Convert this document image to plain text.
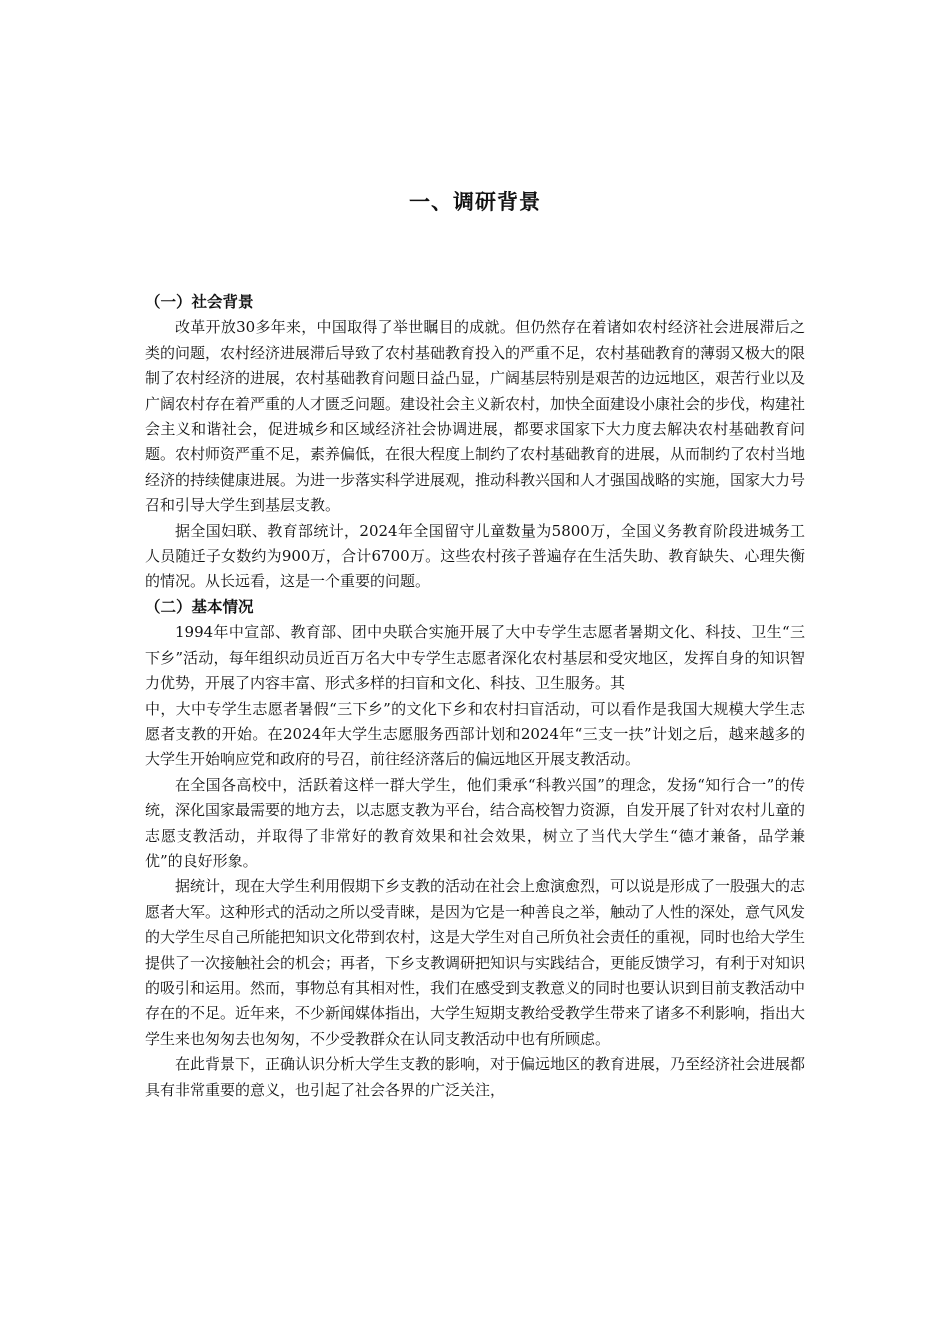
一、调研背景

（一）社会背景

改革开放30多年来，中国取得了举世瞩目的成就。但仍然存在着诸如农村经济社会进展滞后之类的问题，农村经济进展滞后导致了农村基础教育投入的严重不足，农村基础教育的薄弱又极大的限制了农村经济的进展，农村基础教育问题日益凸显，广阔基层特别是艰苦的边远地区，艰苦行业以及广阔农村存在着严重的人才匮乏问题。建设社会主义新农村，加快全面建设小康社会的步伐，构建社会主义和谐社会，促进城乡和区域经济社会协调进展，都要求国家下大力度去解决农村基础教育问题。农村师资严重不足，素养偏低，在很大程度上制约了农村基础教育的进展，从而制约了农村当地经济的持续健康进展。为进一步落实科学进展观，推动科教兴国和人才强国战略的实施，国家大力号召和引导大学生到基层支教。

据全国妇联、教育部统计，2024年全国留守儿童数量为5800万，全国义务教育阶段进城务工人员随迁子女数约为900万，合计6700万。这些农村孩子普遍存在生活失助、教育缺失、心理失衡的情况。从长远看，这是一个重要的问题。

（二）基本情况

1994年中宣部、教育部、团中央联合实施开展了大中专学生志愿者暑期文化、科技、卫生“三下乡”活动，每年组织动员近百万名大中专学生志愿者深化农村基层和受灾地区，发挥自身的知识智力优势，开展了内容丰富、形式多样的扫盲和文化、科技、卫生服务。其

中，大中专学生志愿者暑假“三下乡”的文化下乡和农村扫盲活动，可以看作是我国大规模大学生志愿者支教的开始。在2024年大学生志愿服务西部计划和2024年“三支一扶”计划之后，越来越多的大学生开始响应党和政府的号召，前往经济落后的偏远地区开展支教活动。

在全国各高校中，活跃着这样一群大学生，他们秉承“科教兴国”的理念，发扬“知行合一”的传统，深化国家最需要的地方去，以志愿支教为平台，结合高校智力资源，自发开展了针对农村儿童的志愿支教活动，并取得了非常好的教育效果和社会效果，树立了当代大学生“德才兼备，品学兼优”的良好形象。

据统计，现在大学生利用假期下乡支教的活动在社会上愈演愈烈，可以说是形成了一股强大的志愿者大军。这种形式的活动之所以受青睐，是因为它是一种善良之举，触动了人性的深处，意气风发的大学生尽自己所能把知识文化带到农村，这是大学生对自己所负社会责任的重视，同时也给大学生提供了一次接触社会的机会；再者，下乡支教调研把知识与实践结合，更能反馈学习，有利于对知识的吸引和运用。然而，事物总有其相对性，我们在感受到支教意义的同时也要认识到目前支教活动中存在的不足。近年来，不少新闻媒体指出，大学生短期支教给受教学生带来了诸多不利影响，指出大学生来也匆匆去也匆匆，不少受教群众在认同支教活动中也有所顾虑。

在此背景下，正确认识分析大学生支教的影响，对于偏远地区的教育进展，乃至经济社会进展都具有非常重要的意义，也引起了社会各界的广泛关注，
